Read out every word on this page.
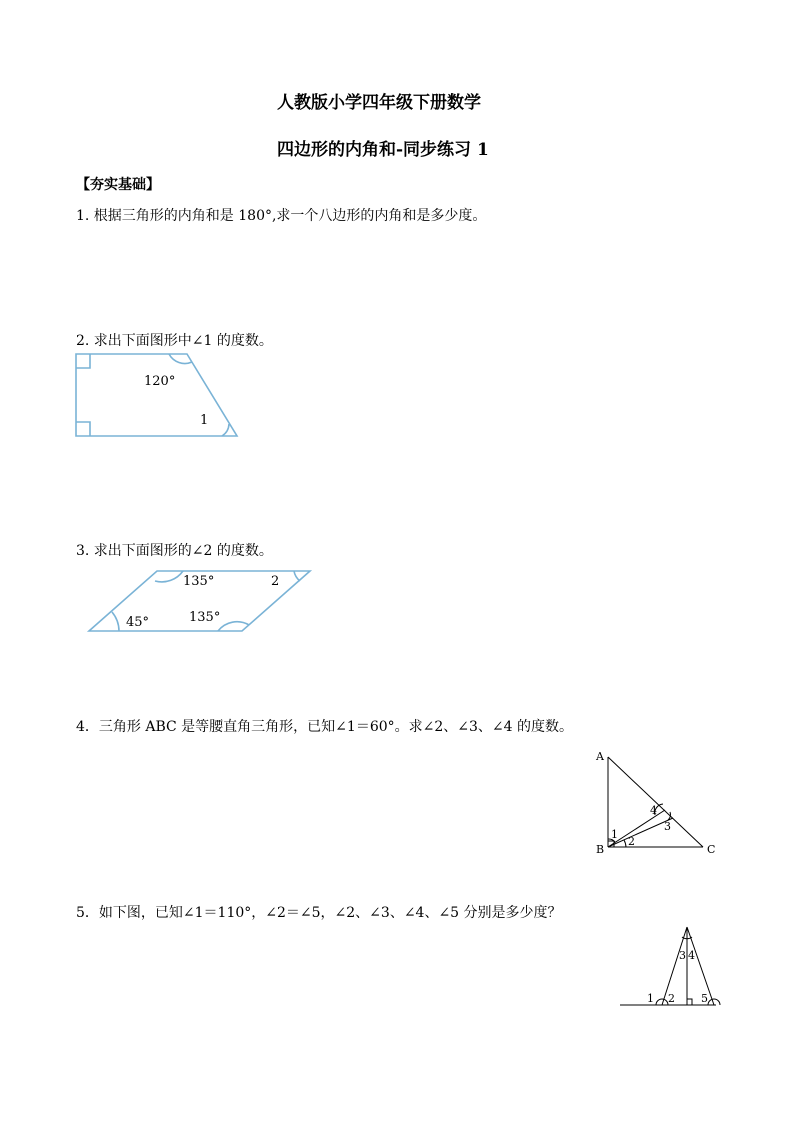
人教版小学四年级下册数学
四边形的内角和-同步练习 1
【夯实基础】
1. 根据三角形的内角和是 180°,求一个八边形的内角和是多少度。
2. 求出下面图形中∠1 的度数。
120°
1
3. 求出下面图形的∠2 的度数。
135°	2
45°	135°
4．三角形 ABC 是等腰直角三角形，已知∠1＝60°。求∠2、∠3、∠4 的度数。
A
B	C
1
2
3
4
5．如下图，已知∠1＝110°，∠2＝∠5，∠2、∠3、∠4、∠5 分别是多少度？
1 2
3 4
5
